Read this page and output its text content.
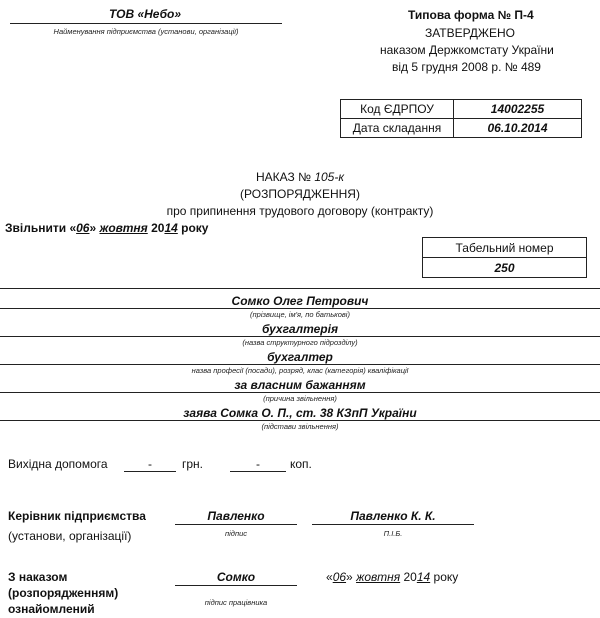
ТОВ «Небо»
Найменування підприємства (установи, організації)
Типова форма № П-4
ЗАТВЕРДЖЕНО
наказом Держкомстату України
від 5 грудня 2008 р. № 489
Код ЄДРПОУ	14002255
Дата складання	06.10.2014
НАКАЗ № 105-к
(РОЗПОРЯДЖЕННЯ)
про припинення трудового договору (контракту)
Звільнити «06» жовтня 2014 року
Табельний номер
250
Сомко Олег Петрович
(прізвище, ім'я, по батькові)
бухгалтерія
(назва структурного підрозділу)
бухгалтер
назва професії (посади), розряд, клас (категорія) кваліфікації
за власним бажанням
(причина звільнення)
заява Сомка О. П., ст. 38 КЗпП України
(підстави звільнення)
Вихідна допомога	-	грн.	-	коп.
Керівник підприємства
(установи, організації)
Павленко
підпис
Павленко К. К.
П.І.Б.
З наказом
(розпорядженням)
ознайомлений
Сомко
підпис працівника
«06» жовтня 2014 року
